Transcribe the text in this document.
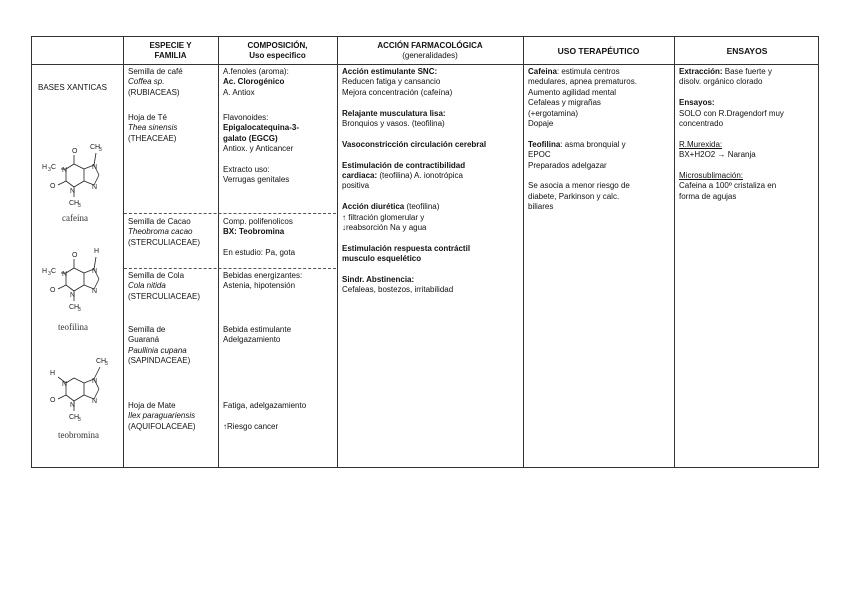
ESPECIE Y
FAMILIA
COMPOSICIÓN,
Uso especifico
ACCIÓN FARMACOLÓGICA
(generalidades)	USO TERAPÉUTICO	ENSAYOS
BASES XANTICAS
O
O
H 3 C N
N
N
N
CH
3
CH
3
cafeína
O
O
H 3 C N
N
N
N
H
CH
3
teofilina
H
O
N
N
N
N
CH
3
CH
3
teobromina
Semilla de café
Coffea sp.
(RUBIACEAS)
Hoja de Té
Thea sinensis
(THEACEAE)
Semilla de Cacao
Theobroma cacao
(STERCULIACEAE)
Semilla de Cola
Cola nitida
(STERCULIACEAE)
Semilla de
Guaraná
Paullinia cupana
(SAPINDACEAE)
Hoja de Mate
Ilex paraguariensis
(AQUIFOLACEAE)
A.fenoles (aroma):
Ac. Clorogénico
A. Antiox
Flavonoides:
Epigalocatequina-3-
galato (EGCG)
Antiox. y Anticancer
Extracto uso:
Verrugas genitales
Comp. polifenolicos
BX: Teobromina
En estudio: Pa, gota
Bebidas energizantes:
Astenia, hipotensión
Bebida estimulante
Adelgazamiento
Fatiga, adelgazamiento
↑Riesgo cancer
Acción estimulante SNC:
Reducen fatiga y cansancio
Mejora concentración (cafeína)
Relajante musculatura lisa:
Bronquios y vasos. (teofilina)
Vasoconstricción circulación cerebral
Estimulación de contractibilidad
cardiaca: (teofilina) A. ionotrópica
positiva
Acción diurética (teofilina)
↑ filtración glomerular y
↓reabsorción Na y agua
Estimulación respuesta contráctil
musculo esquelético
Sindr. Abstinencia:
Cefaleas, bostezos, irritabilidad
Cafeina: estimula centros
medulares, apnea prematuros.
Aumento agilidad mental
Cefaleas y migrañas
(+ergotamina)
Dopaje
Teofilina: asma bronquial y
EPOC
Preparados adelgazar
Se asocia a menor riesgo de
diabete, Parkinson y calc.
biliares
Extracción: Base fuerte y
disolv. orgánico clorado
Ensayos:
SOLO con R.Dragendorf muy
concentrado
R.Murexida:
BX+H2O2 → Naranja
Microsublimación:
Cafeina a 100º cristaliza en
forma de agujas
